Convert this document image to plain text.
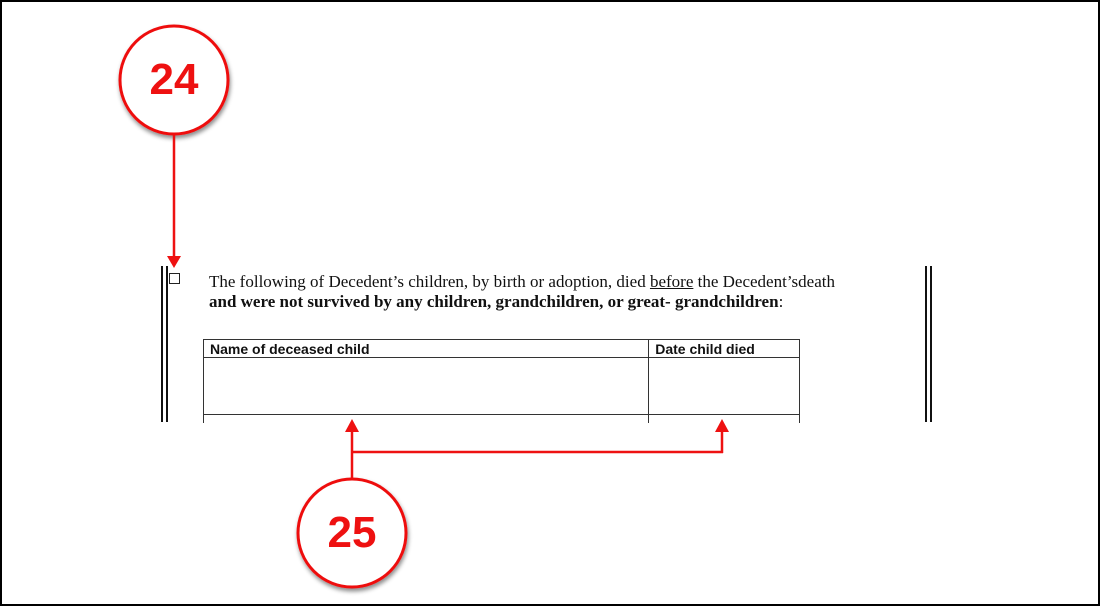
The following of Decedent’s children, by birth or adoption, died before the Decedent’sdeath
and were not survived by any children, grandchildren, or great- grandchildren:
Name of deceased child	Date child died

24
25
